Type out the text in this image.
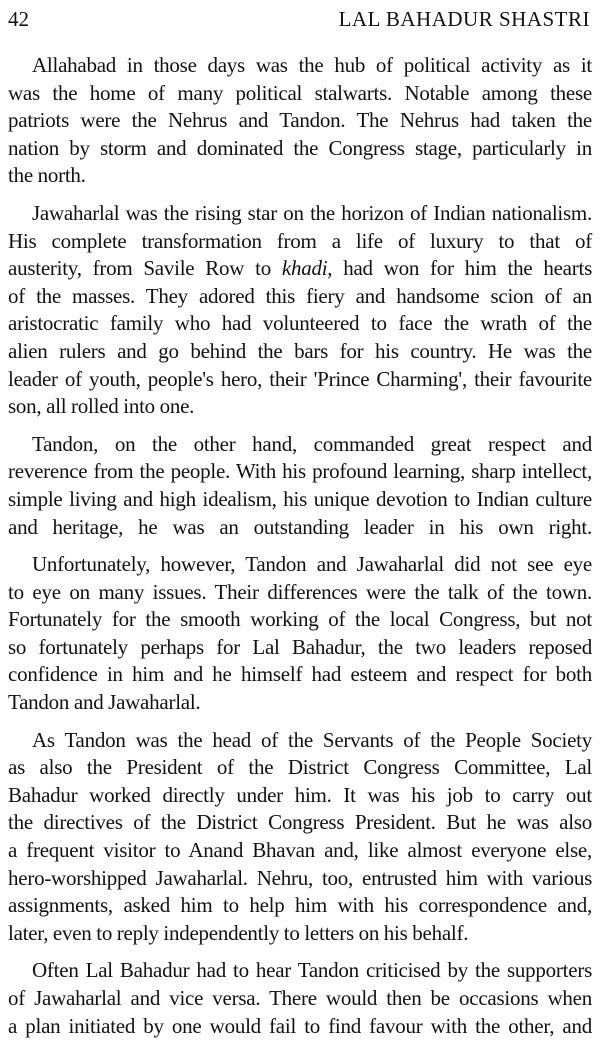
42	LAL BAHADUR SHASTRI

Allahabad in those days was the hub of political activity as it
was the home of many political stalwarts. Notable among these
patriots were the Nehrus and Tandon. The Nehrus had taken the
nation by storm and dominated the Congress stage, particularly in
the north.

Jawaharlal was the rising star on the horizon of Indian nationalism.
His complete transformation from a life of luxury to that of
austerity, from Savile Row to khadi, had won for him the hearts
of the masses. They adored this fiery and handsome scion of an
aristocratic family who had volunteered to face the wrath of the
alien rulers and go behind the bars for his country. He was the
leader of youth, people's hero, their 'Prince Charming', their favourite
son, all rolled into one.

Tandon, on the other hand, commanded great respect and
reverence from the people. With his profound learning, sharp intellect,
simple living and high idealism, his unique devotion to Indian culture
and heritage, he was an outstanding leader in his own right.

Unfortunately, however, Tandon and Jawaharlal did not see eye
to eye on many issues. Their differences were the talk of the town.
Fortunately for the smooth working of the local Congress, but not
so fortunately perhaps for Lal Bahadur, the two leaders reposed
confidence in him and he himself had esteem and respect for both
Tandon and Jawaharlal.

As Tandon was the head of the Servants of the People Society
as also the President of the District Congress Committee, Lal
Bahadur worked directly under him. It was his job to carry out
the directives of the District Congress President. But he was also
a frequent visitor to Anand Bhavan and, like almost everyone else,
hero-worshipped Jawaharlal. Nehru, too, entrusted him with various
assignments, asked him to help him with his correspondence and,
later, even to reply independently to letters on his behalf.

Often Lal Bahadur had to hear Tandon criticised by the supporters
of Jawaharlal and vice versa. There would then be occasions when
a plan initiated by one would fail to find favour with the other, and
